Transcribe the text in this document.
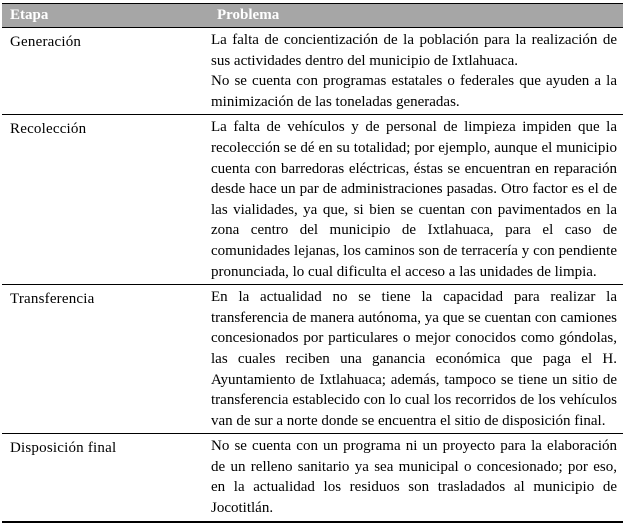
Etapa	Problema
Generación	La falta de concientización de la población para la realización de sus actividades dentro del municipio de Ixtlahuaca.
No se cuenta con programas estatales o federales que ayuden a la minimización de las toneladas generadas.

Recolección	La falta de vehículos y de personal de limpieza impiden que la recolección se dé en su totalidad; por ejemplo, aunque el municipio cuenta con barredoras eléctricas, éstas se encuentran en reparación desde hace un par de administraciones pasadas. Otro factor es el de las vialidades, ya que, si bien se cuentan con pavimentados en la zona centro del municipio de Ixtlahuaca, para el caso de comunidades lejanas, los caminos son de terracería y con pendiente pronunciada, lo cual dificulta el acceso a las unidades de limpia.

Transferencia	En la actualidad no se tiene la capacidad para realizar la transferencia de manera autónoma, ya que se cuentan con camiones concesionados por particulares o mejor conocidos como góndolas, las cuales reciben una ganancia económica que paga el H. Ayuntamiento de Ixtlahuaca; además, tampoco se tiene un sitio de transferencia establecido con lo cual los recorridos de los vehículos van de sur a norte donde se encuentra el sitio de disposición final.

Disposición final	No se cuenta con un programa ni un proyecto para la elaboración de un relleno sanitario ya sea municipal o concesionado; por eso, en la actualidad los residuos son trasladados al municipio de Jocotitlán.
